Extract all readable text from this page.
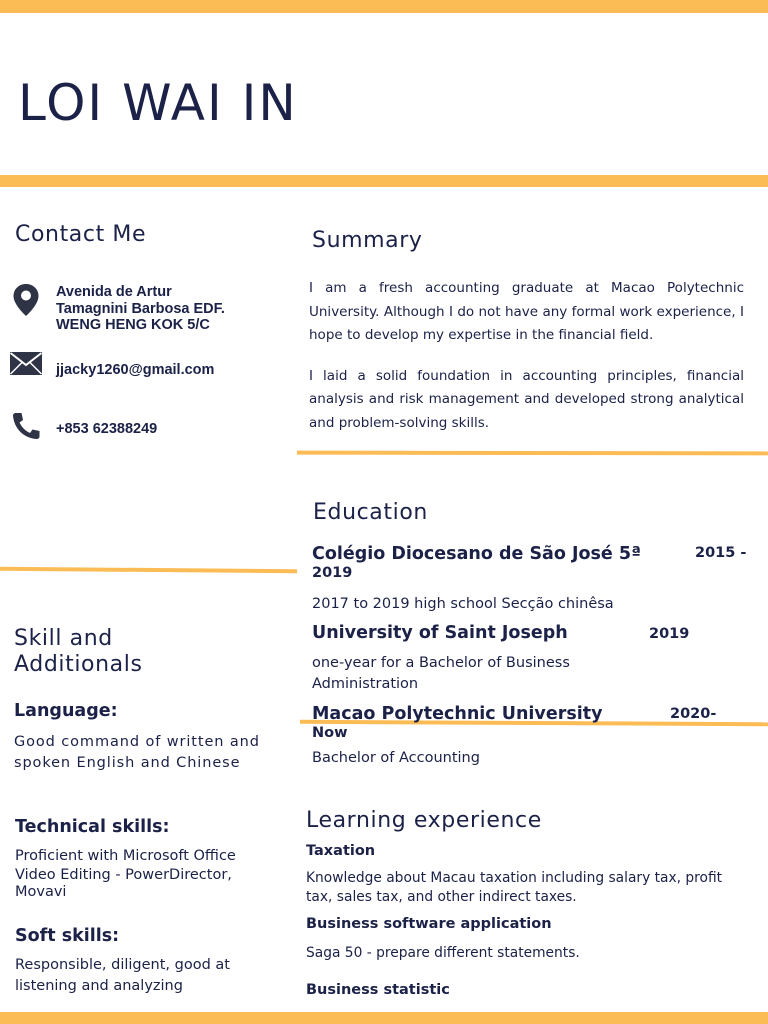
LOI WAI IN
Contact Me
Avenida de Artur
Tamagnini Barbosa EDF.
WENG HENG KOK 5/C
jjacky1260@gmail.com
+853 62388249
Summary

I am a fresh accounting graduate at Macao Polytechnic University. Although I do not have any formal work experience, I hope to develop my expertise in the financial field.

I laid a solid foundation in accounting principles, financial analysis and risk management and developed strong analytical and problem-solving skills.

Education
Colégio Diocesano de São José 5ª	2015 -
2019
2017 to 2019 high school Secção chinêsa
University of Saint Joseph	2019
one-year for a Bachelor of Business Administration
Macao Polytechnic University	2020-
Now
Bachelor of Accounting
Skill and Additionals
Language:
Good command of written and spoken English and Chinese
Technical skills:
Proficient with Microsoft Office
Video Editing - PowerDirector, Movavi
Soft skills:
Responsible, diligent, good at listening and analyzing
Learning experience
Taxation
Knowledge about Macau taxation including salary tax, profit tax, sales tax, and other indirect taxes.
Business software application
Saga 50 - prepare different statements.
Business statistic
